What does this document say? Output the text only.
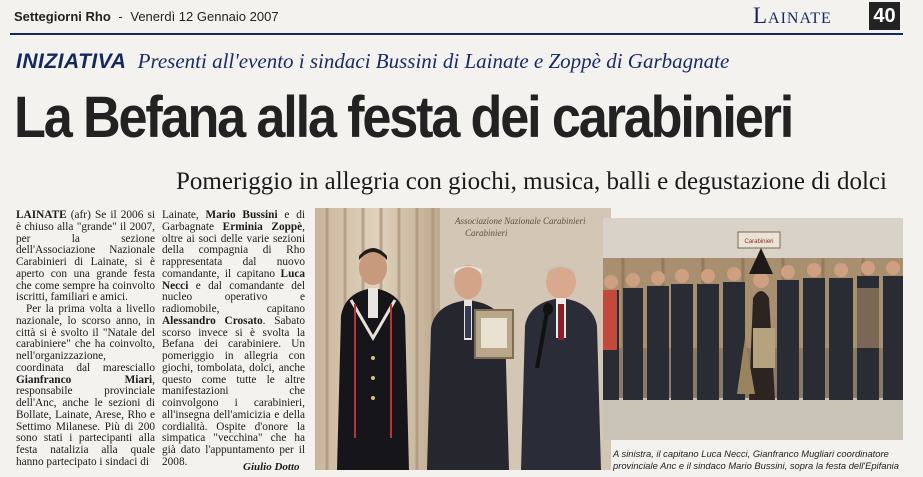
Settegiorni Rho - Venerdì 12 Gennaio 2007	Lainate	40
INIZIATIVA Presenti all'evento i sindaci Bussini di Lainate e Zoppè di Garbagnate
La Befana alla festa dei carabinieri
Pomeriggio in allegria con giochi, musica, balli e degustazione di dolci

LAINATE (afr) Se il 2006 si è chiuso alla "grande" il 2007, per la sezione dell'Associazione Nazionale Carabinieri di Lainate, si è aperto con una grande festa che come sempre ha coinvolto iscritti, familiari e amici.

Per la prima volta a livello nazionale, lo scorso anno, in città si è svolto il "Natale del carabiniere" che ha coinvolto, nell'organizzazione, coordinata dal maresciallo Gianfranco Miari, responsabile provinciale dell'Anc, anche le sezioni di Bollate, Lainate, Arese, Rho e Settimo Milanese. Più di 200 sono stati i partecipanti alla festa natalizia alla quale hanno partecipato i sindaci di

Lainate, Mario Bussini e di Garbagnate Erminia Zoppè, oltre ai soci delle varie sezioni della compagnia di Rho rappresentata dal nuovo comandante, il capitano Luca Necci e dal comandante del nucleo operativo e radiomobile, capitano Alessandro Crosato. Sabato scorso invece si è svolta la Befana dei carabiniere. Un pomeriggio in allegria con giochi, tombolata, dolci, anche questo come tutte le altre manifestazioni che coinvolgono i carabinieri, all'insegna dell'amicizia e della cordialità. Ospite d'onore la simpatica "vecchina" che ha già dato l'appuntamento per il 2008.	Giulio Dotto
Associazione Nazionale Carabinieri
Carabinieri
Carabinieri
A sinistra, il capitano Luca Necci, Gianfranco Mugliari coordinatore provinciale Anc e il sindaco Mario Bussini, sopra la festa dell'Epifania
